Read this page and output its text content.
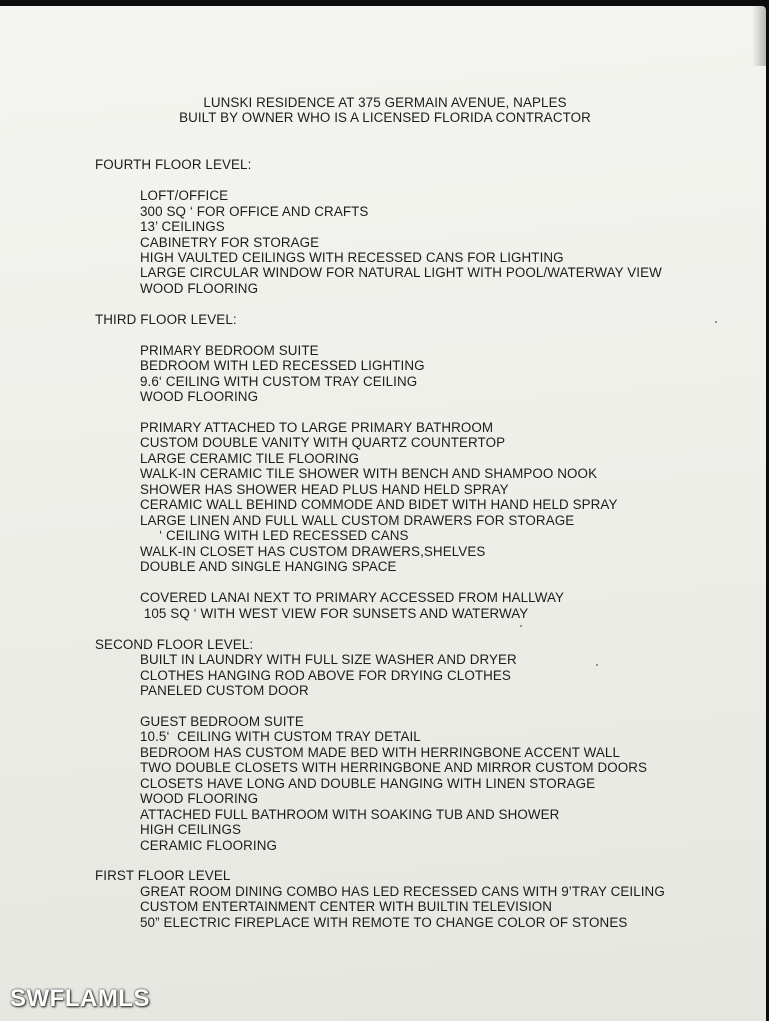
LUNSKI RESIDENCE AT 375 GERMAIN AVENUE, NAPLES
BUILT BY OWNER WHO IS A LICENSED FLORIDA CONTRACTOR
FOURTH FLOOR LEVEL:
LOFT/OFFICE
300 SQ ‘ FOR OFFICE AND CRAFTS
13’ CEILINGS
CABINETRY FOR STORAGE
HIGH VAULTED CEILINGS WITH RECESSED CANS FOR LIGHTING
LARGE CIRCULAR WINDOW FOR NATURAL LIGHT WITH POOL/WATERWAY VIEW
WOOD FLOORING
THIRD FLOOR LEVEL:
PRIMARY BEDROOM SUITE
BEDROOM WITH LED RECESSED LIGHTING
9.6‘ CEILING WITH CUSTOM TRAY CEILING
WOOD FLOORING
PRIMARY ATTACHED TO LARGE PRIMARY BATHROOM
CUSTOM DOUBLE VANITY WITH QUARTZ COUNTERTOP
LARGE CERAMIC TILE FLOORING
WALK-IN CERAMIC TILE SHOWER WITH BENCH AND SHAMPOO NOOK
SHOWER HAS SHOWER HEAD PLUS HAND HELD SPRAY
CERAMIC WALL BEHIND COMMODE AND BIDET WITH HAND HELD SPRAY
LARGE LINEN AND FULL WALL CUSTOM DRAWERS FOR STORAGE
‘ CEILING WITH LED RECESSED CANS
WALK-IN CLOSET HAS CUSTOM DRAWERS,SHELVES
DOUBLE AND SINGLE HANGING SPACE
COVERED LANAI NEXT TO PRIMARY ACCESSED FROM HALLWAY
105 SQ ‘ WITH WEST VIEW FOR SUNSETS AND WATERWAY
SECOND FLOOR LEVEL:
BUILT IN LAUNDRY WITH FULL SIZE WASHER AND DRYER
CLOTHES HANGING ROD ABOVE FOR DRYING CLOTHES
PANELED CUSTOM DOOR
GUEST BEDROOM SUITE
10.5‘  CEILING WITH CUSTOM TRAY DETAIL
BEDROOM HAS CUSTOM MADE BED WITH HERRINGBONE ACCENT WALL
TWO DOUBLE CLOSETS WITH HERRINGBONE AND MIRROR CUSTOM DOORS
CLOSETS HAVE LONG AND DOUBLE HANGING WITH LINEN STORAGE
WOOD FLOORING
ATTACHED FULL BATHROOM WITH SOAKING TUB AND SHOWER
HIGH CEILINGS
CERAMIC FLOORING
FIRST FLOOR LEVEL
GREAT ROOM DINING COMBO HAS LED RECESSED CANS WITH 9’TRAY CEILING
CUSTOM ENTERTAINMENT CENTER WITH BUILTIN TELEVISION
50” ELECTRIC FIREPLACE WITH REMOTE TO CHANGE COLOR OF STONES
SWFLAMLS
